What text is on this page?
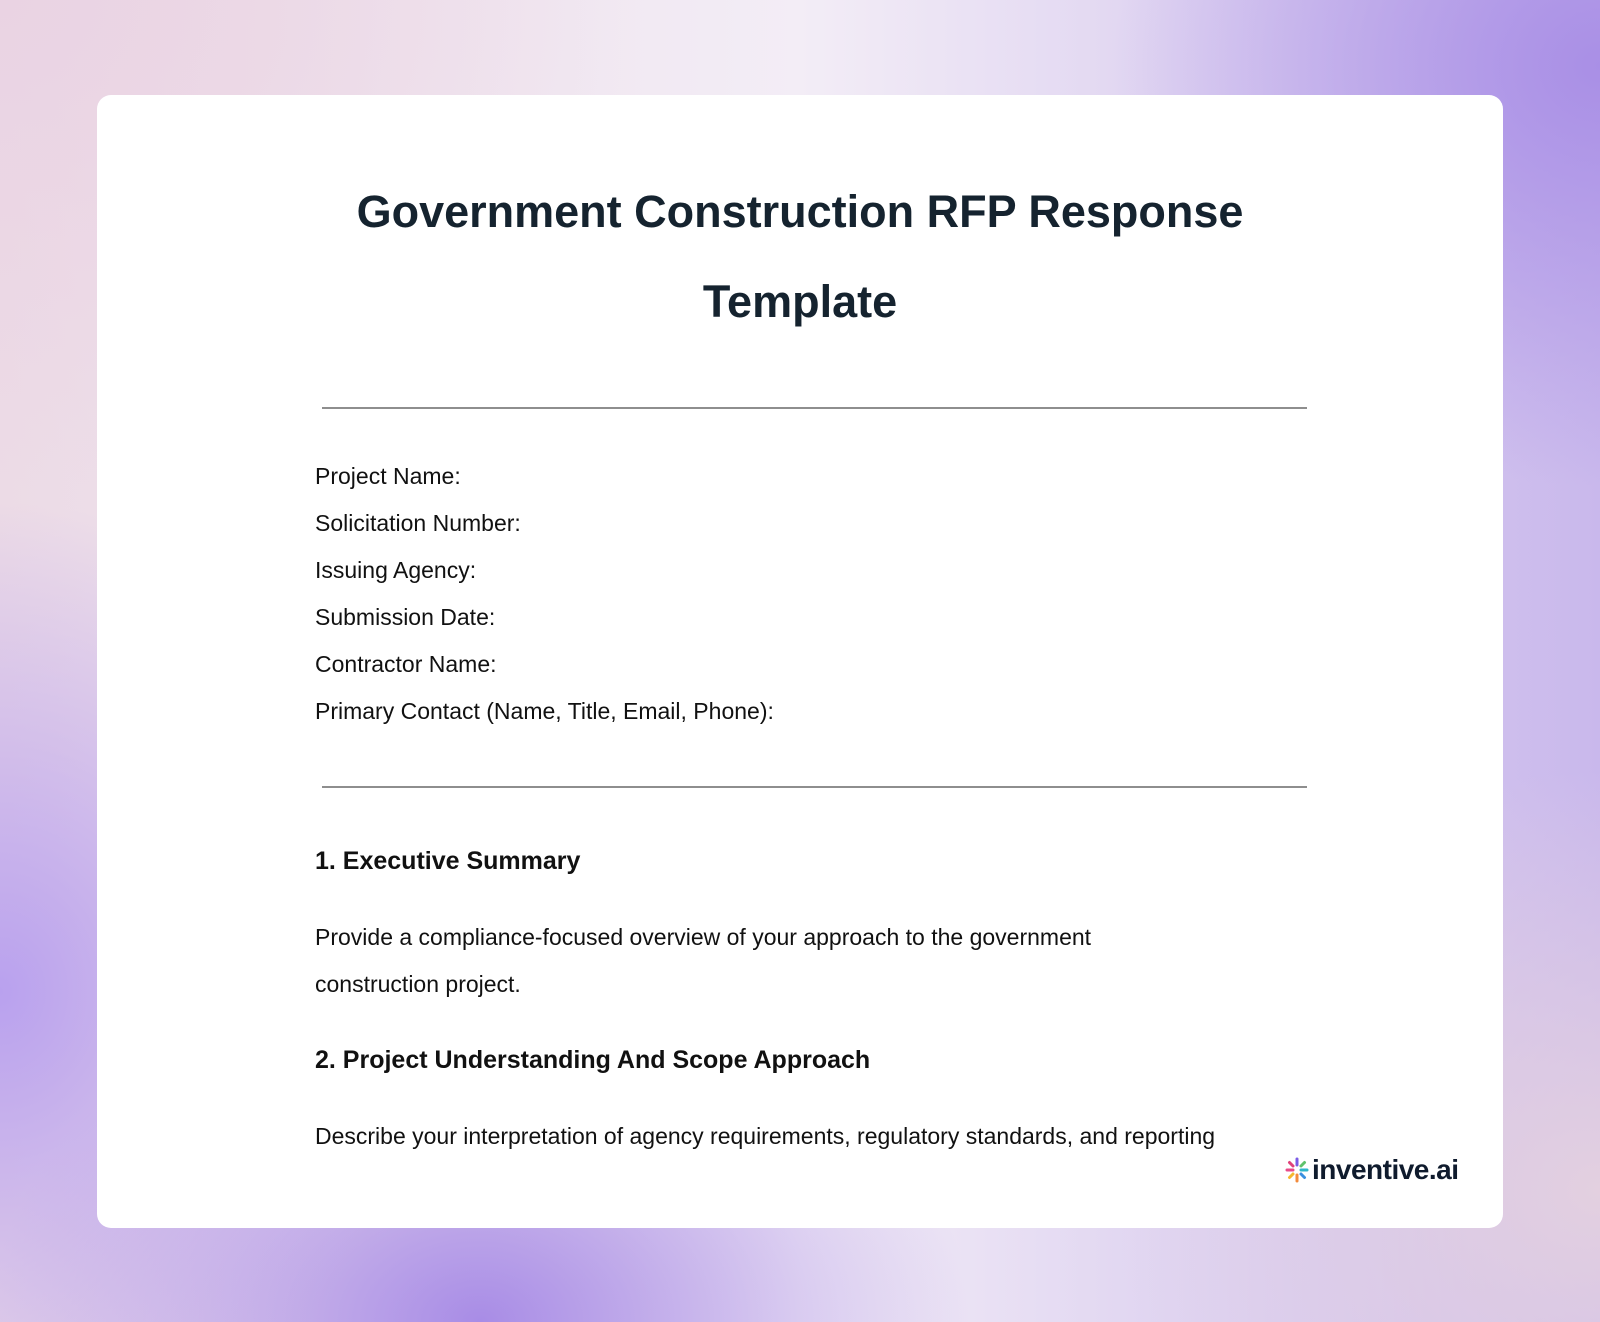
Government Construction RFP Response
Template
Project Name:
Solicitation Number:
Issuing Agency:
Submission Date:
Contractor Name:
Primary Contact (Name, Title, Email, Phone):
1. Executive Summary

Provide a compliance-focused overview of your approach to the government construction project.

2. Project Understanding And Scope Approach

Describe your interpretation of agency requirements, regulatory standards, and reporting

inventive.ai
